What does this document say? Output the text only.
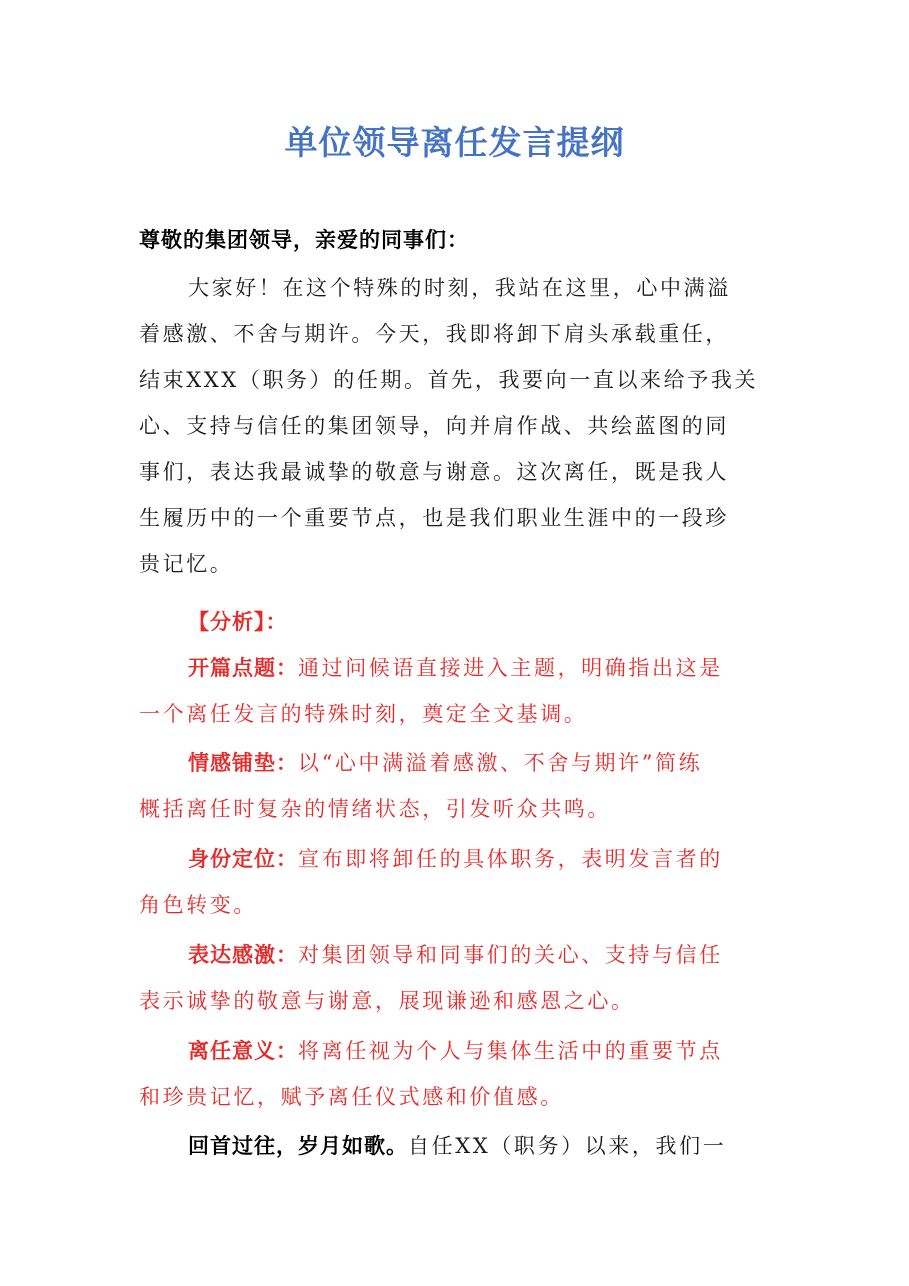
单位领导离任发言提纲
尊敬的集团领导，亲爱的同事们：
大家好！在这个特殊的时刻，我站在这里，心中满溢
着感激、不舍与期许。今天，我即将卸下肩头承载重任，
结束XXX（职务）的任期。首先，我要向一直以来给予我关
心、支持与信任的集团领导，向并肩作战、共绘蓝图的同
事们，表达我最诚挚的敬意与谢意。这次离任，既是我人
生履历中的一个重要节点，也是我们职业生涯中的一段珍
贵记忆。
【分析】：
开篇点题：通过问候语直接进入主题，明确指出这是
一个离任发言的特殊时刻，奠定全文基调。
情感铺垫：以“心中满溢着感激、不舍与期许”简练
概括离任时复杂的情绪状态，引发听众共鸣。
身份定位：宣布即将卸任的具体职务，表明发言者的
角色转变。
表达感激：对集团领导和同事们的关心、支持与信任
表示诚挚的敬意与谢意，展现谦逊和感恩之心。
离任意义：将离任视为个人与集体生活中的重要节点
和珍贵记忆，赋予离任仪式感和价值感。
回首过往，岁月如歌。自任XX（职务）以来，我们一
